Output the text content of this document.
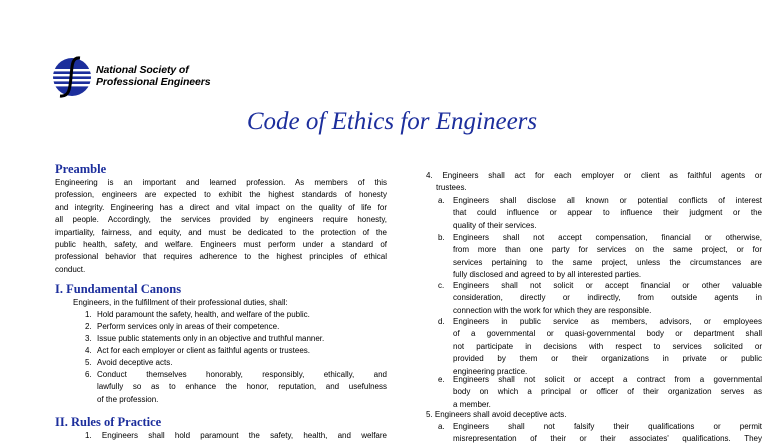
National Society of
Professional Engineers
Code of Ethics for Engineers
Preamble
Engineering is an important and learned profession. As members of this
profession, engineers are expected to exhibit the highest standards of honesty
and integrity. Engineering has a direct and vital impact on the quality of life for
all people. Accordingly, the services provided by engineers require honesty,
impartiality, fairness, and equity, and must be dedicated to the protection of the
public health, safety, and welfare. Engineers must perform under a standard of
professional behavior that requires adherence to the highest principles of ethical
conduct.
I. Fundamental Canons
Engineers, in the fulfillment of their professional duties, shall:
1. Hold paramount the safety, health, and welfare of the public.
2. Perform services only in areas of their competence.
3. Issue public statements only in an objective and truthful manner.
4. Act for each employer or client as faithful agents or trustees.
5. Avoid deceptive acts.
6. Conduct themselves honorably, responsibly, ethically, and
lawfully so as to enhance the honor, reputation, and usefulness
of the profession.
II. Rules of Practice
1. Engineers shall hold paramount the safety, health, and welfare
4. Engineers shall act for each employer or client as faithful agents or
trustees.
a. Engineers shall disclose all known or potential conflicts of interest
that could influence or appear to influence their judgment or the
quality of their services.
b. Engineers shall not accept compensation, financial or otherwise,
from more than one party for services on the same project, or for
services pertaining to the same project, unless the circumstances are
fully disclosed and agreed to by all interested parties.
c. Engineers shall not solicit or accept financial or other valuable
consideration, directly or indirectly, from outside agents in
connection with the work for which they are responsible.
d. Engineers in public service as members, advisors, or employees
of a governmental or quasi-governmental body or department shall
not participate in decisions with respect to services solicited or
provided by them or their organizations in private or public
engineering practice.
e. Engineers shall not solicit or accept a contract from a governmental
body on which a principal or officer of their organization serves as
a member.
5. Engineers shall avoid deceptive acts.
a. Engineers shall not falsify their qualifications or permit
misrepresentation of their or their associates' qualifications. They
